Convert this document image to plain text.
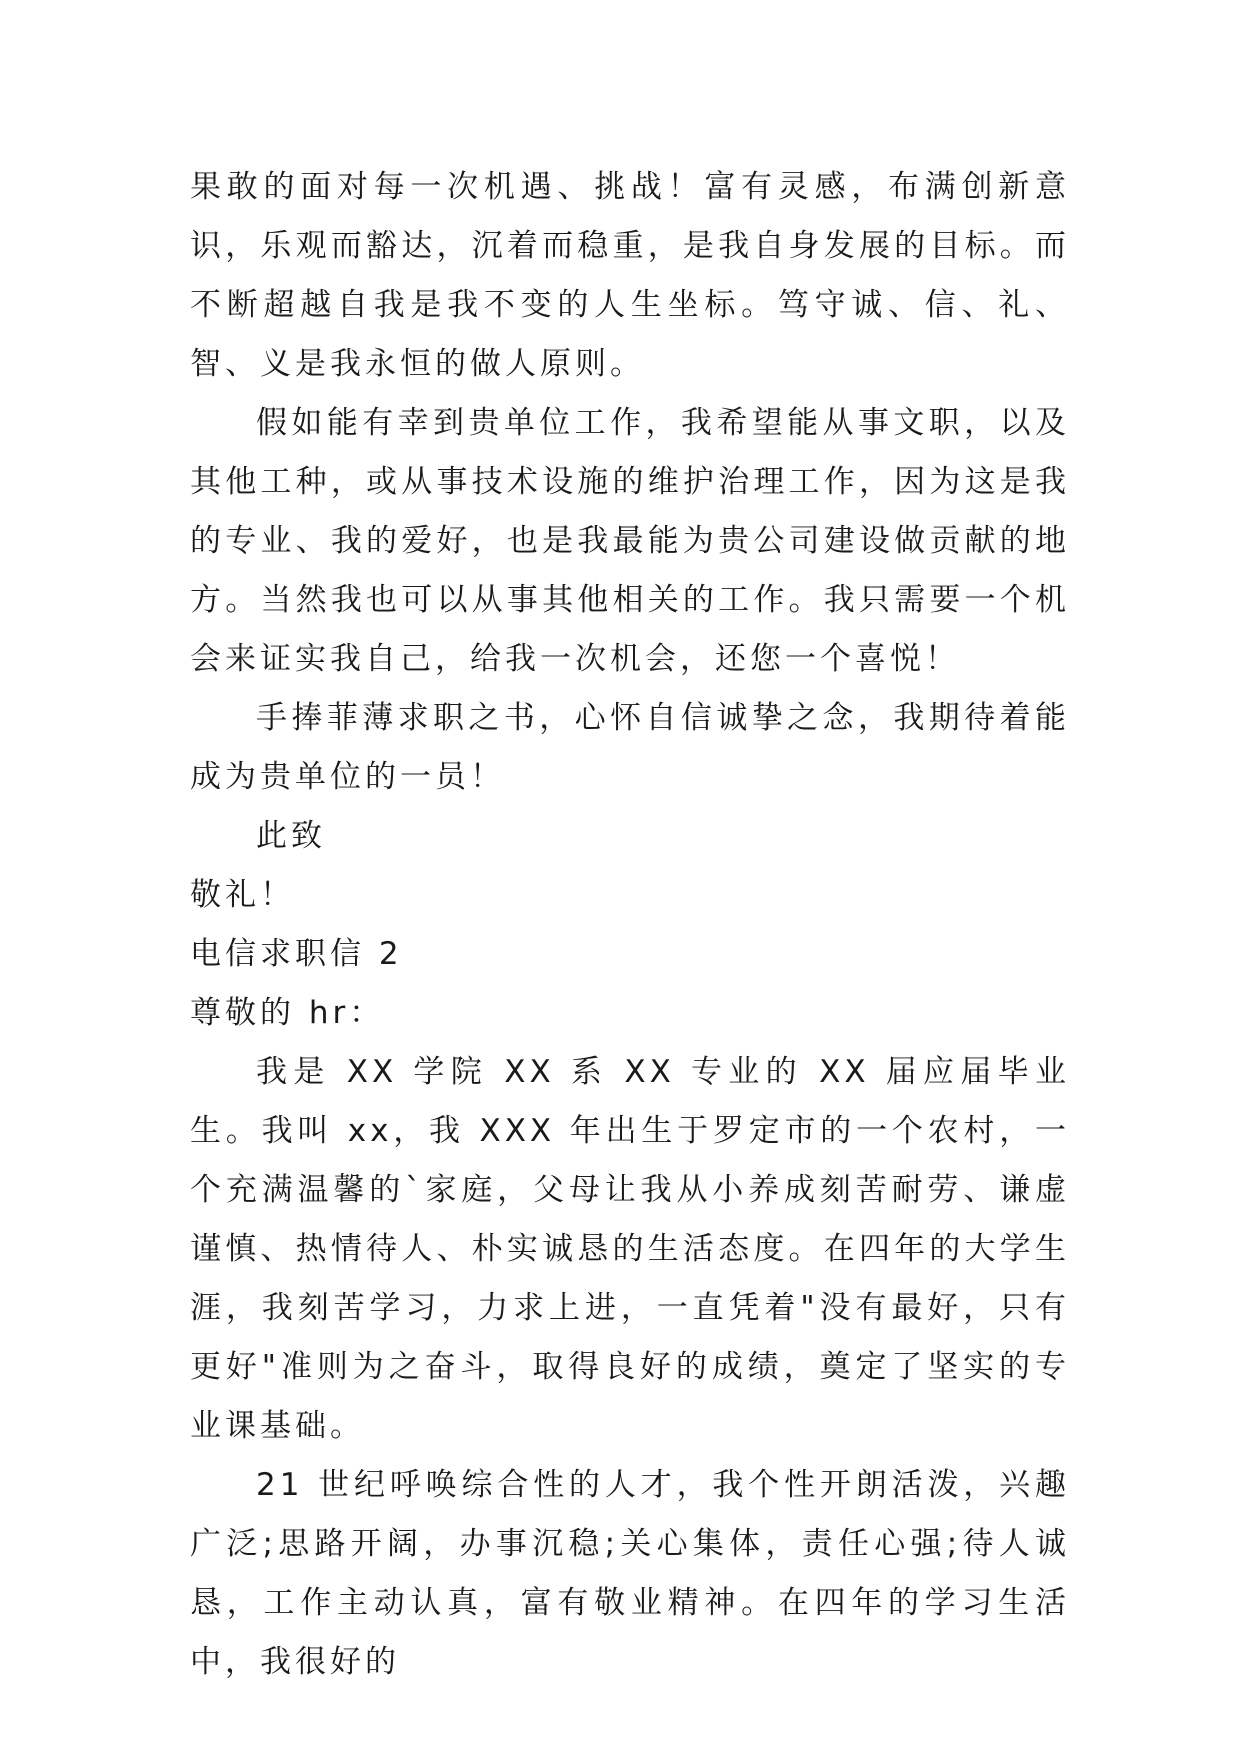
果敢的面对每一次机遇、挑战！富有灵感，布满创新意识，乐观而豁达，沉着而稳重，是我自身发展的目标。而不断超越自我是我不变的人生坐标。笃守诚、信、礼、智、义是我永恒的做人原则。

假如能有幸到贵单位工作，我希望能从事文职，以及其他工种，或从事技术设施的维护治理工作，因为这是我的专业、我的爱好，也是我最能为贵公司建设做贡献的地方。当然我也可以从事其他相关的工作。我只需要一个机会来证实我自己，给我一次机会，还您一个喜悦！

手捧菲薄求职之书，心怀自信诚挚之念，我期待着能成为贵单位的一员！

此致

敬礼！

电信求职信 2

尊敬的 hr：

我是 XX 学院 XX 系 XX 专业的 XX 届应届毕业生。我叫 xx，我 XXX 年出生于罗定市的一个农村，一个充满温馨的`家庭，父母让我从小养成刻苦耐劳、谦虚谨慎、热情待人、朴实诚恳的生活态度。在四年的大学生涯，我刻苦学习，力求上进，一直凭着"没有最好，只有更好"准则为之奋斗，取得良好的成绩，奠定了坚实的专业课基础。

21 世纪呼唤综合性的人才，我个性开朗活泼，兴趣广泛;思路开阔，办事沉稳;关心集体，责任心强;待人诚恳，工作主动认真，富有敬业精神。在四年的学习生活中，我很好的
